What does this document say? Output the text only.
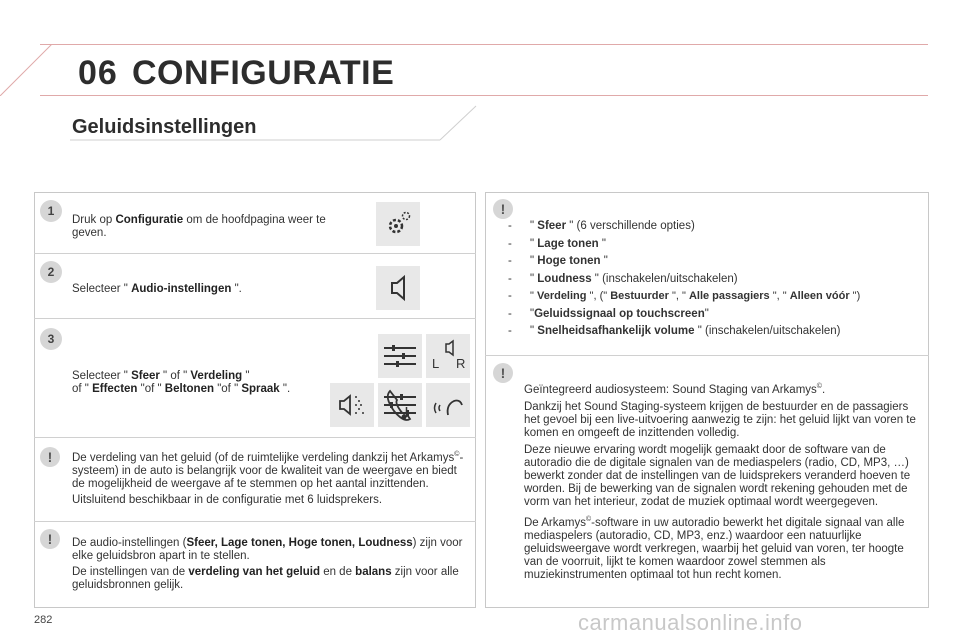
06 CONFIGURATIE
Geluidsinstellingen
1
Druk op Configuratie om de hoofdpagina weer te geven.
2
Selecteer " Audio-instellingen ".
3
Selecteer " Sfeer " of " Verdeling "
of " Effecten "of " Beltonen "of " Spraak ".
L R
!	De verdeling van het geluid (of de ruimtelijke verdeling dankzij het Arkamys©-systeem) in de auto is belangrijk voor de kwaliteit van de weergave en biedt de mogelijkheid de weergave af te stemmen op het aantal inzittenden.
Uitsluitend beschikbaar in de configuratie met 6 luidsprekers.
!	De audio-instellingen (Sfeer, Lage tonen, Hoge tonen, Loudness) zijn voor elke geluidsbron apart in te stellen.
De instellingen van de verdeling van het geluid en de balans zijn voor alle geluidsbronnen gelijk.
!
-	" Sfeer " (6 verschillende opties)
-	" Lage tonen "
-	" Hoge tonen "
-	" Loudness " (inschakelen/uitschakelen)
-	" Verdeling ", (" Bestuurder ", " Alle passagiers ", " Alleen vóór ")
-	"Geluidssignaal op touchscreen"
-	" Snelheidsafhankelijk volume " (inschakelen/uitschakelen)
!
Geïntegreerd audiosysteem: Sound Staging van Arkamys©.
Dankzij het Sound Staging-systeem krijgen de bestuurder en de passagiers het gevoel bij een live-uitvoering aanwezig te zijn: het geluid lijkt van voren te komen en omgeeft de inzittenden volledig.
Deze nieuwe ervaring wordt mogelijk gemaakt door de software van de autoradio die de digitale signalen van de mediaspelers (radio, CD, MP3, …) bewerkt zonder dat de instellingen van de luidsprekers veranderd hoeven te worden. Bij de bewerking van de signalen wordt rekening gehouden met de vorm van het interieur, zodat de muziek optimaal wordt weergegeven.
De Arkamys©-software in uw autoradio bewerkt het digitale signaal van alle mediaspelers (autoradio, CD, MP3, enz.) waardoor een natuurlijke geluidsweergave wordt verkregen, waarbij het geluid van voren, ter hoogte van de voorruit, lijkt te komen waardoor zowel stemmen als muziekinstrumenten optimaal tot hun recht komen.
282	carmanualsonline.info
